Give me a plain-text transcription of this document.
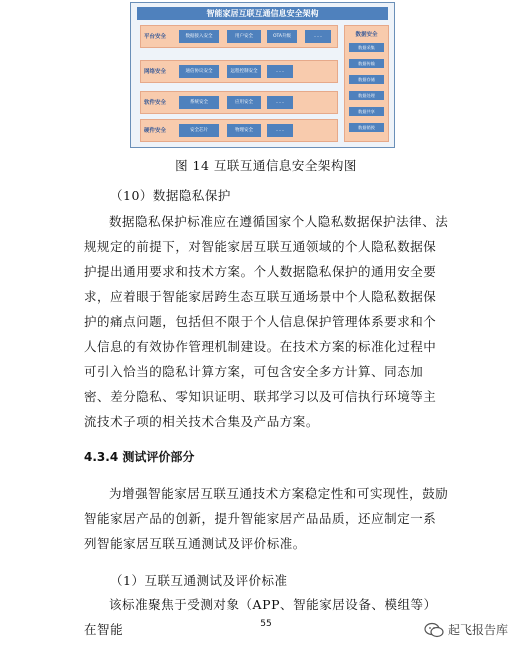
智能家居互联互通信息安全架构
平台安全	数据接入安全	用户安全	OTA升级	……
网络安全	通信协议安全	远程控制安全	……
软件安全	系统安全	应用安全	……
硬件安全	安全芯片	物理安全	……
数据安全
数据采集
数据传输
数据存储
数据处理
数据共享
数据销毁
图 14 互联互通信息安全架构图
（10）数据隐私保护

数据隐私保护标准应在遵循国家个人隐私数据保护法律、法规规定的前提下，对智能家居互联互通领域的个人隐私数据保护提出通用要求和技术方案。个人数据隐私保护的通用安全要求，应着眼于智能家居跨生态互联互通场景中个人隐私数据保护的痛点问题，包括但不限于个人信息保护管理体系要求和个人信息的有效协作管理机制建设。在技术方案的标准化过程中可引入恰当的隐私计算方案，可包含安全多方计算、同态加密、差分隐私、零知识证明、联邦学习以及可信执行环境等主流技术子项的相关技术合集及产品方案。

4.3.4 测试评价部分

为增强智能家居互联互通技术方案稳定性和可实现性，鼓励智能家居产品的创新，提升智能家居产品品质，还应制定一系列智能家居互联互通测试及评价标准。

（1）互联互通测试及评价标准

该标准聚焦于受测对象（APP、智能家居设备、模组等）在智能	55	起飞报告库
